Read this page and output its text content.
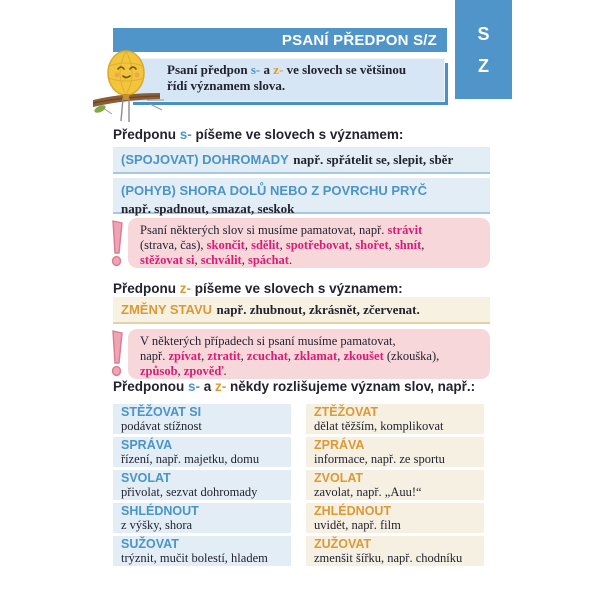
PSANÍ PŘEDPON S/Z	S
Z
Psaní předpon s- a z- ve slovech se většinou
řídí významem slova.
Předponu s- píšeme ve slovech s významem:
(SPOJOVAT) DOHROMADY např. spřátelit se, slepit, sběr
(POHYB) SHORA DOLŮ NEBO Z POVRCHU PRYČ
např. spadnout, smazat, seskok
Psaní některých slov si musíme pamatovat, např. strávit
(strava, čas), skončit, sdělit, spotřebovat, shořet, shnít,
stěžovat si, schválit, spáchat.
Předponu z- píšeme ve slovech s významem:
ZMĚNY STAVU např. zhubnout, zkrásnět, zčervenat.
V některých případech si psaní musíme pamatovat,
např. zpívat, ztratit, zcuchat, zklamat, zkoušet (zkouška),
způsob, zpověď.
Předponou s- a z- někdy rozlišujeme význam slov, např.:
STĚŽOVAT SI
podávat stížnost
ZTĚŽOVAT
dělat těžším, komplikovat
SPRÁVA
řízení, např. majetku, domu
ZPRÁVA
informace, např. ze sportu
SVOLAT
přivolat, sezvat dohromady
ZVOLAT
zavolat, např. „Auu!“
SHLÉDNOUT
z výšky, shora
ZHLÉDNOUT
uvidět, např. film
SUŽOVAT
trýznit, mučit bolestí, hladem
ZUŽOVAT
zmenšit šířku, např. chodníku
